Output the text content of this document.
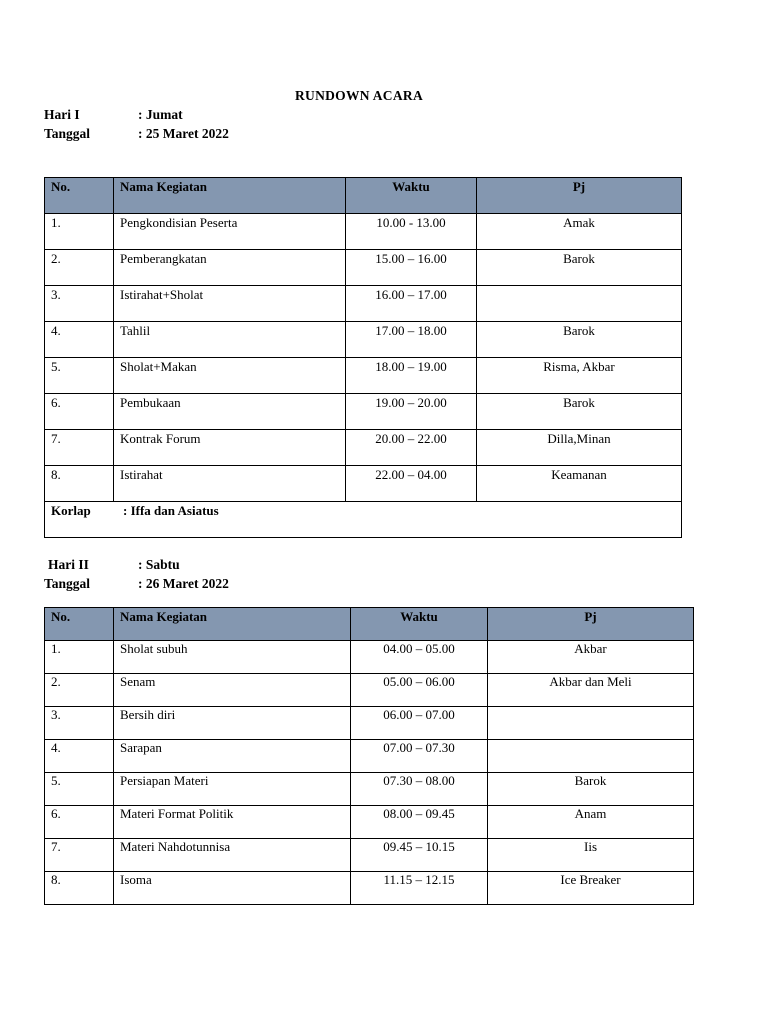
RUNDOWN ACARA
Hari I	: Jumat
Tanggal	: 25 Maret 2022
No.	Nama Kegiatan	Waktu	Pj
1.	Pengkondisian Peserta	10.00 - 13.00	Amak
2.	Pemberangkatan	15.00 – 16.00	Barok
3.	Istirahat+Sholat	16.00 – 17.00	
4.	Tahlil	17.00 – 18.00	Barok
5.	Sholat+Makan	18.00 – 19.00	Risma, Akbar
6.	Pembukaan	19.00 – 20.00	Barok
7.	Kontrak Forum	20.00 – 22.00	Dilla,Minan
8.	Istirahat	22.00 – 04.00	Keamanan
Korlap : Iffa dan Asiatus			
Hari II	: Sabtu
Tanggal	: 26 Maret 2022
No.	Nama Kegiatan	Waktu	Pj
1.	Sholat subuh	04.00 – 05.00	Akbar
2.	Senam	05.00 – 06.00	Akbar dan Meli
3.	Bersih diri	06.00 – 07.00	
4.	Sarapan	07.00 – 07.30	
5.	Persiapan Materi	07.30 – 08.00	Barok
6.	Materi Format Politik	08.00 – 09.45	Anam
7.	Materi Nahdotunnisa	09.45 – 10.15	Iis
8.	Isoma	11.15 – 12.15	Ice Breaker
